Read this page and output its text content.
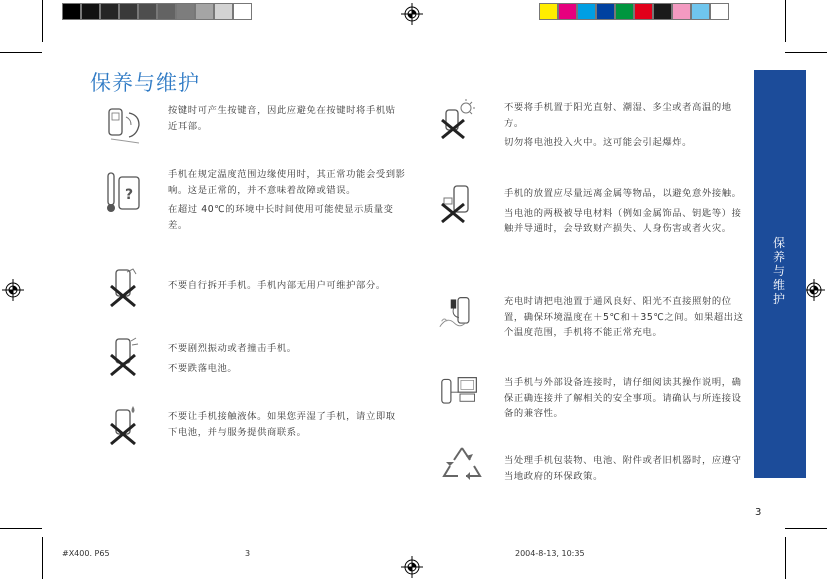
保养与维护

按键时可产生按键音，因此应避免在按键时将手机贴近耳部。

?

手机在规定温度范围边缘使用时，其正常功能会受到影响。这是正常的，并不意味着故障或错误。

在超过 40℃的环境中长时间使用可能使显示质量变差。

不要自行拆开手机。手机内部无用户可维护部分。

不要剧烈振动或者撞击手机。

不要跌落电池。

不要让手机接触液体。如果您弄湿了手机，请立即取下电池，并与服务提供商联系。

不要将手机置于阳光直射、潮湿、多尘或者高温的地方。

切勿将电池投入火中。这可能会引起爆炸。

手机的放置应尽量远离金属等物品，以避免意外接触。

当电池的两极被导电材料（例如金属饰品、钥匙等）接触并导通时，会导致财产损失、人身伤害或者火灾。

充电时请把电池置于通风良好、阳光不直接照射的位置，确保环境温度在＋5℃和＋35℃之间。如果超出这个温度范围，手机将不能正常充电。

当手机与外部设备连接时，请仔细阅读其操作说明，确保正确连接并了解相关的安全事项。请确认与所连接设备的兼容性。

当处理手机包装物、电池、附件或者旧机器时，应遵守当地政府的环保政策。

保
养
与
维
护
3
#X400. P65	3	2004-8-13, 10:35
